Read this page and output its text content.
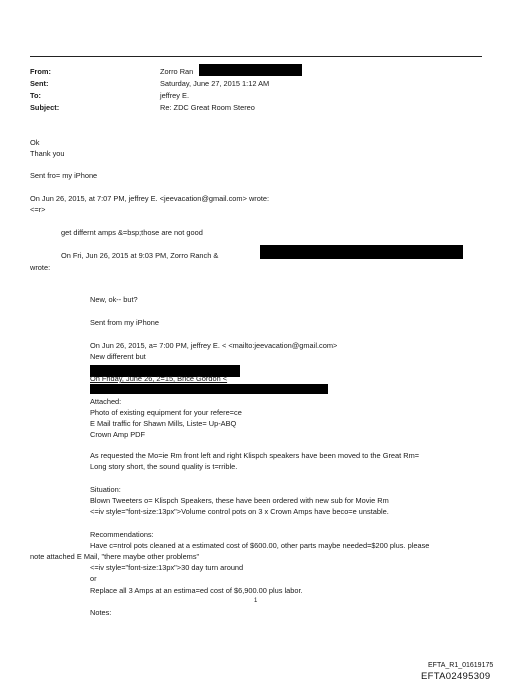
From:
Sent:
To:
Subject:
Zorro Ran
Saturday, June 27, 2015 1:12 AM
jeffrey E.
Re: ZDC Great Room Stereo
Ok
Thank you
Sent fro= my iPhone
On Jun 26, 2015, at 7:07 PM, jeffrey E. <jeevacation@gmail.com> wrote:
<=r>
get differnt amps &=bsp;those are not good
On Fri, Jun 26, 2015 at 9:03 PM, Zorro Ranch &
wrote:
New, ok-- but?
Sent from my iPhone
On Jun 26, 2015, a= 7:00 PM, jeffrey E. < <mailto:jeevacation@gmail.com>
New different but
On Friday, June 26, 2=15, Brice Gordon <
Attached:
Photo of existing equipment for your refere=ce
E Mail traffic for Shawn Mills, Liste= Up-ABQ
Crown Amp PDF
As requested the Mo=ie Rm front left and right Klispch speakers have been moved to the Great Rm=
Long story short, the sound quality is t=rrible.
Situation:
Blown Tweeters o= Klispch Speakers, these have been ordered with new sub for Movie Rm
<=iv style="font-size:13px">Volume control pots on 3 x Crown Amps have beco=e unstable.
Recommendations:
Have c=ntrol pots cleaned at a estimated cost of $600.00, other parts maybe needed=$200 plus. please
note attached E Mail, "there maybe other problems"
<=iv style="font-size:13px">30 day turn around
or
Replace all 3 Amps at an estima=ed cost of $6,900.00 plus labor.
Notes:
1
EFTA_R1_01619175
EFTA02495309
